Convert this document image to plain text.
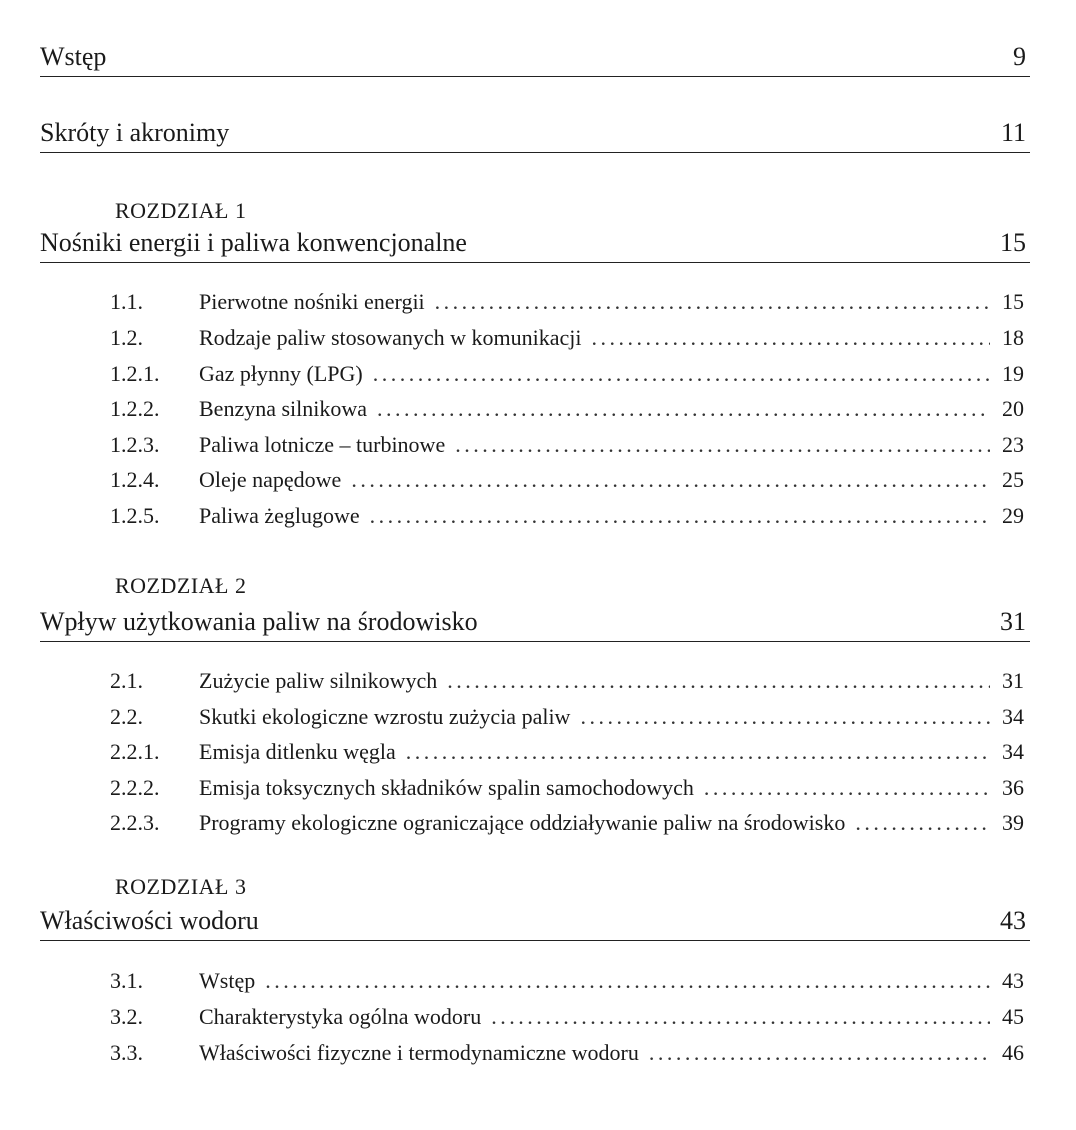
Wstęp	9
Skróty i akronimy	11
ROZDZIAŁ 1
Nośniki energii i paliwa konwencjonalne	15
1.1.	Pierwotne nośniki energii . . .	15
1.2.	Rodzaje paliw stosowanych w komunikacji . . .	18
1.2.1.	Gaz płynny (LPG) . . .	19
1.2.2.	Benzyna silnikowa . . .	20
1.2.3.	Paliwa lotnicze – turbinowe . . .	23
1.2.4.	Oleje napędowe . . .	25
1.2.5.	Paliwa żeglugowe . . .	29
ROZDZIAŁ 2
Wpływ użytkowania paliw na środowisko	31
2.1.	Zużycie paliw silnikowych . . .	31
2.2.	Skutki ekologiczne wzrostu zużycia paliw . . .	34
2.2.1.	Emisja ditlenku węgla . . .	34
2.2.2.	Emisja toksycznych składników spalin samochodowych . . .	36
2.2.3.	Programy ekologiczne ograniczające oddziaływanie paliw na środowisko . . .	39
ROZDZIAŁ 3
Właściwości wodoru	43
3.1.	Wstęp . . .	43
3.2.	Charakterystyka ogólna wodoru . . .	45
3.3.	Właściwości fizyczne i termodynamiczne wodoru . . .	46
